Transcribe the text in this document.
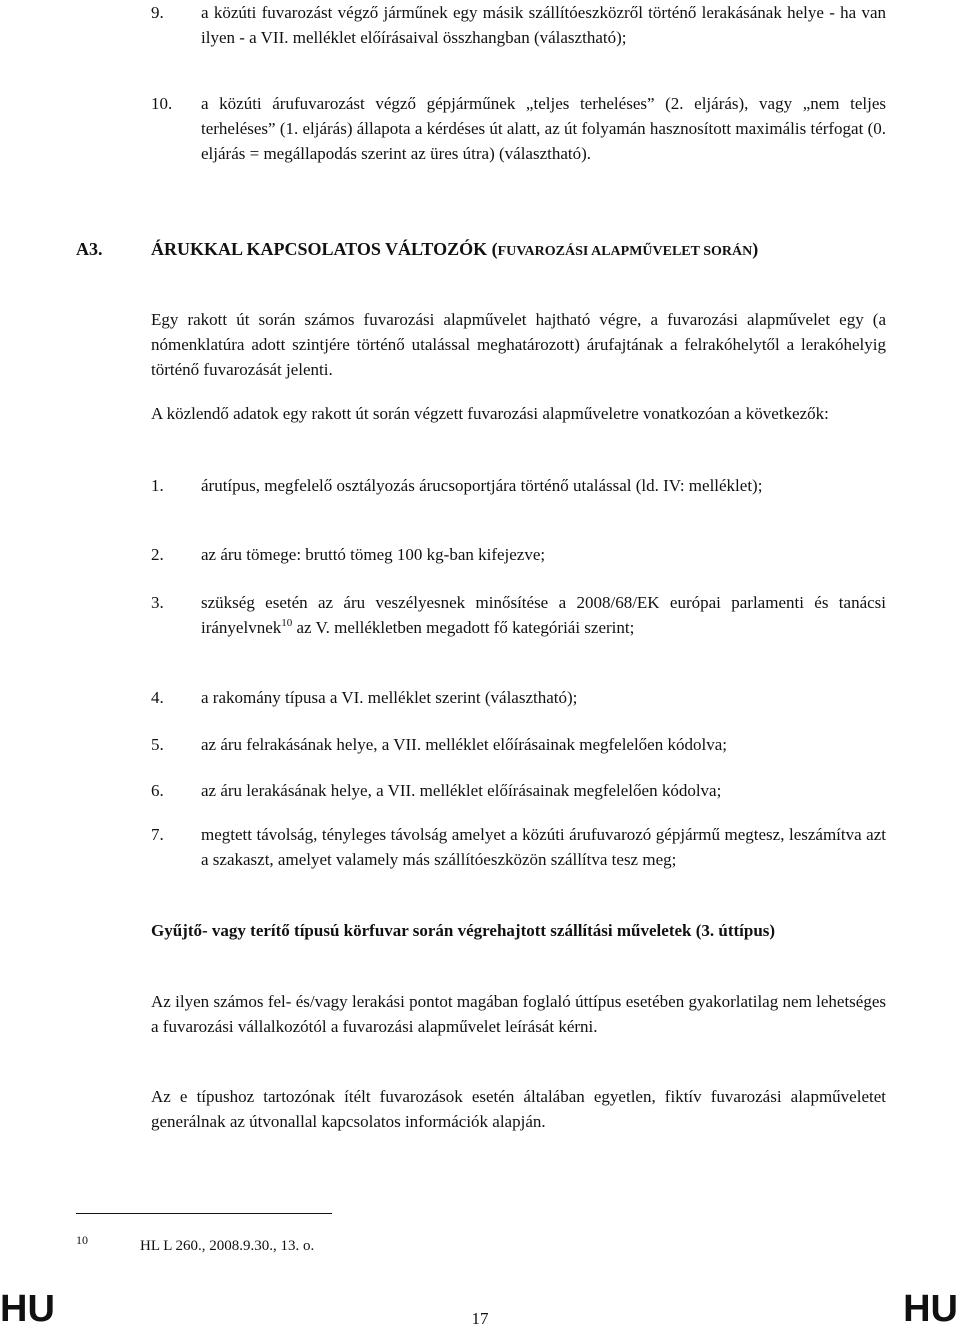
9. a közúti fuvarozást végző járműnek egy másik szállítóeszközről történő lerakásának helye - ha van ilyen - a VII. melléklet előírásaival összhangban (választható);
10. a közúti árufuvarozást végző gépjárműnek „teljes terheléses” (2. eljárás), vagy „nem teljes terheléses” (1. eljárás) állapota a kérdéses út alatt, az út folyamán hasznosított maximális térfogat (0. eljárás = megállapodás szerint az üres útra) (választható).
A3.	ÁRUKKAL KAPCSOLATOS VÁLTOZÓK (FUVAROZÁSI ALAPMŰVELET SORÁN)
Egy rakott út során számos fuvarozási alapművelet hajtható végre, a fuvarozási alapművelet egy (a nómenklatúra adott szintjére történő utalással meghatározott) árufajtának a felrakóhelytől a lerakóhelyig történő fuvarozását jelenti.
A közlendő adatok egy rakott út során végzett fuvarozási alapműveletre vonatkozóan a következők:
1. árutípus, megfelelő osztályozás árucsoportjára történő utalással (ld. IV: melléklet);
2. az áru tömege: bruttó tömeg 100 kg-ban kifejezve;
3. szükség esetén az áru veszélyesnek minősítése a 2008/68/EK európai parlamenti és tanácsi irányelvnek$^{10}$ az V. mellékletben megadott fő kategóriái szerint;
4. a rakomány típusa a VI. melléklet szerint (választható);
5. az áru felrakásának helye, a VII. melléklet előírásainak megfelelően kódolva;
6. az áru lerakásának helye, a VII. melléklet előírásainak megfelelően kódolva;
7. megtett távolság, tényleges távolság amelyet a közúti árufuvarozó gépjármű megtesz, leszámítva azt a szakaszt, amelyet valamely más szállítóeszközön szállítva tesz meg;
Gyűjtő- vagy terítő típusú körfuvar során végrehajtott szállítási műveletek (3. úttípus)
Az ilyen számos fel- és/vagy lerakási pontot magában foglaló úttípus esetében gyakorlatilag nem lehetséges a fuvarozási vállalkozótól a fuvarozási alapművelet leírását kérni.
Az e típushoz tartozónak ítélt fuvarozások esetén általában egyetlen, fiktív fuvarozási alapműveletet generálnak az útvonallal kapcsolatos információk alapján.
10	HL L 260., 2008.9.30., 13. o.
HU	17	HU
